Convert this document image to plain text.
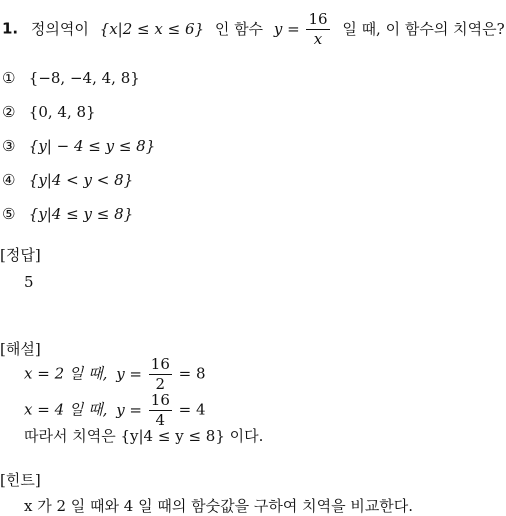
1. 정의역이 {x|2 ≤ x ≤ 6} 인 함수 $y = \frac{16}{x}$ 일 때, 이 함수의 치역은?
① {−8, −4, 4, 8}
② {0, 4, 8}
③ {y| − 4 ≤ y ≤ 8}
④ {y|4 < y < 8}
⑤ {y|4 ≤ y ≤ 8}
[정답]
5
[해설]
x = 2 일 때, $y = \frac{16}{2} = 8$
x = 4 일 때, $y = \frac{16}{4} = 4$
따라서 치역은 {y|4 ≤ y ≤ 8} 이다.
[힌트]
x 가 2 일 때와 4 일 때의 함숫값을 구하여 치역을 비교한다.
